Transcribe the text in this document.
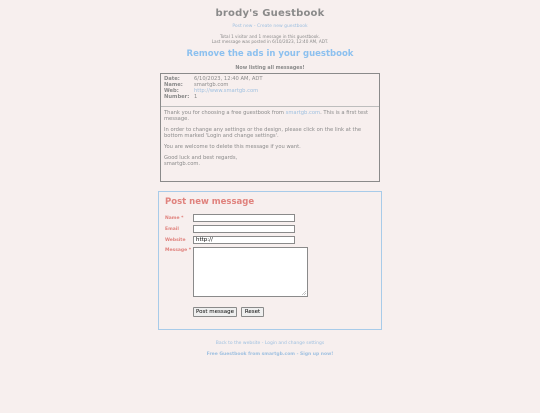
brody's Guestbook
Post new - Create new guestbook
Total 1 visitor and 1 message in this guestbook.
Last message was posted in 6/10/2023, 12:40 AM, ADT.
Remove the ads in your guestbook
Now listing all messages!
Date:	6/10/2023, 12:40 AM, ADT
Name:	smartgb.com
Web:	http://www.smartgb.com
Number:	1

Thank you for choosing a free guestbook from smartgb.com. This is a first test message.

In order to change any settings or the design, please click on the link at the bottom marked 'Login and change settings'.

You are welcome to delete this message if you want.

Good luck and best regards,
smartgb.com.

Post new message
Name *
Email
Website	http://
Message *
Post message	Reset
Back to the website - Login and change settings
Free Guestbook from smartgb.com - Sign up now!
